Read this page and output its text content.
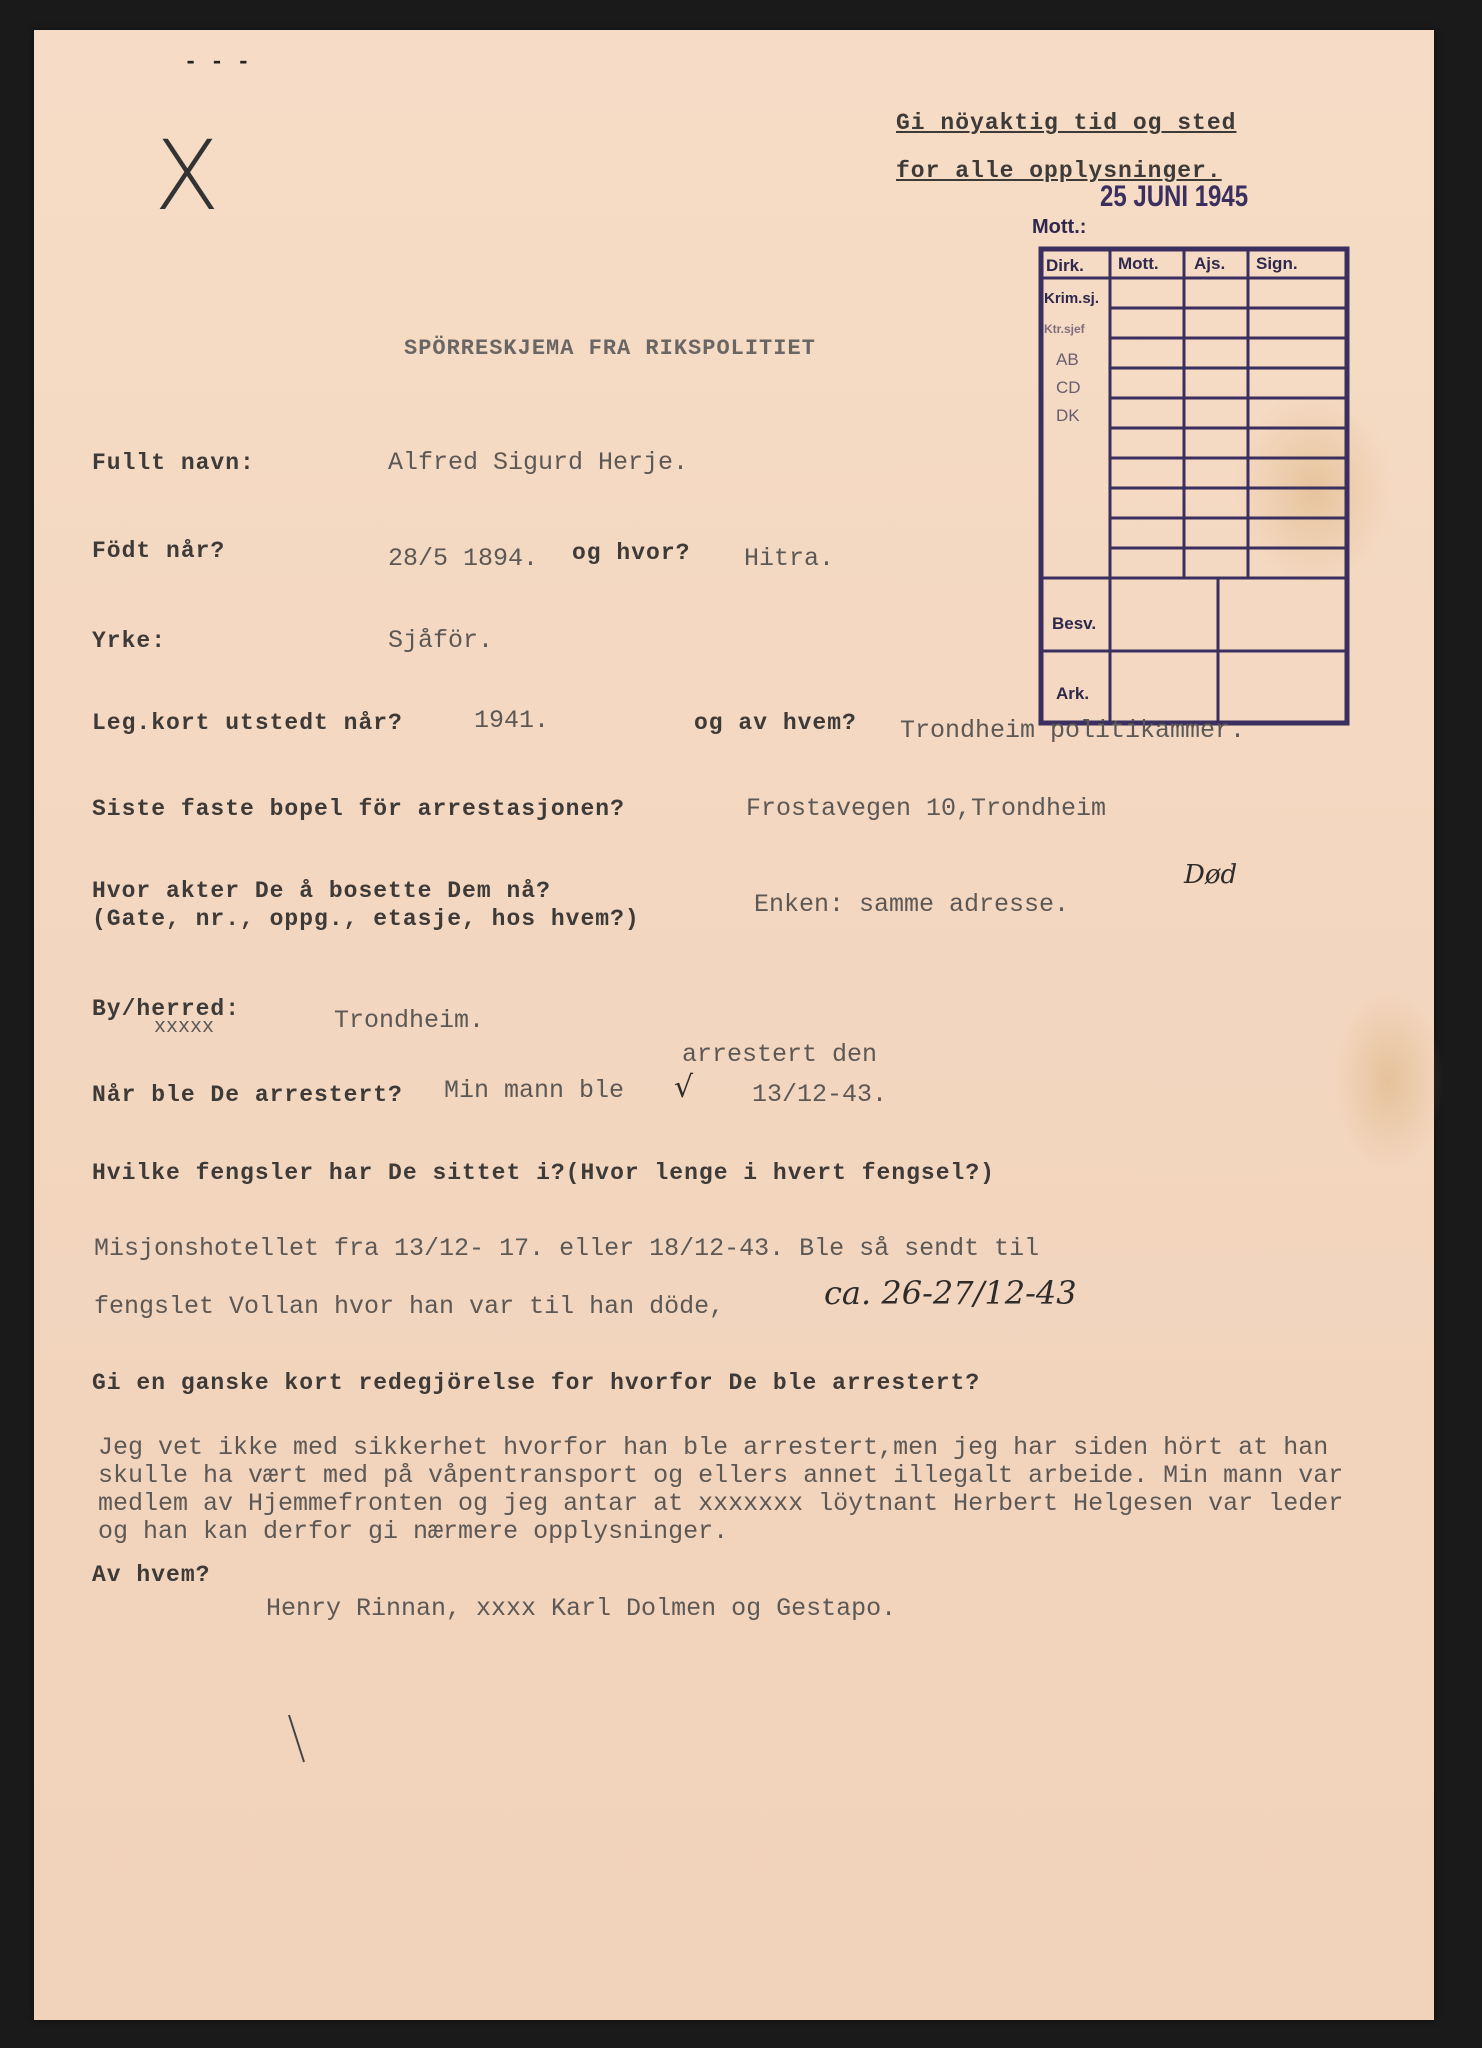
- - -
X	Gi nöyaktig tid og sted
for alle opplysninger.
25 JUNI 1945
Mott.:
Dirk. Mott. Ajs. Sign.
Krim.sj.
Ktr.sjef
AB
CD
DK
Besv.
Ark.
SPÖRRESKJEMA FRA RIKSPOLITIET
Fullt navn:	Alfred Sigurd Herje.
Födt når?	28/5 1894. og hvor? Hitra.
Yrke:	Sjåför.
Leg.kort utstedt når?	1941.	og av hvem? Trondheim politikammer.
Siste faste bopel för arrestasjonen?	Frostavegen 10,Trondheim
Hvor akter De å bosette Dem nå?
(Gate, nr., oppg., etasje, hos hvem?)	Enken: samme adresse.
Død
By/herred:
xxxxx	Trondheim.
Når ble De arrestert? Min mann ble √
arrestert den
13/12-43.
Hvilke fengsler har De sittet i?(Hvor lenge i hvert fengsel?)
Misjonshotellet fra 13/12- 17. eller 18/12-43. Ble så sendt til
fengslet Vollan hvor han var til han döde,	ca. 26-27/12-43
Gi en ganske kort redegjörelse for hvorfor De ble arrestert?
Jeg vet ikke med sikkerhet hvorfor han ble arrestert,men jeg har siden hört at han skulle ha vært med på våpentransport og ellers annet illegalt arbeide. Min mann var medlem av Hjemmefronten og jeg antar at xxxxxxx löytnant Herbert Helgesen var leder og han kan derfor gi nærmere opplysninger.
Av hvem?
Henry Rinnan, xxxx Karl Dolmen og Gestapo.
